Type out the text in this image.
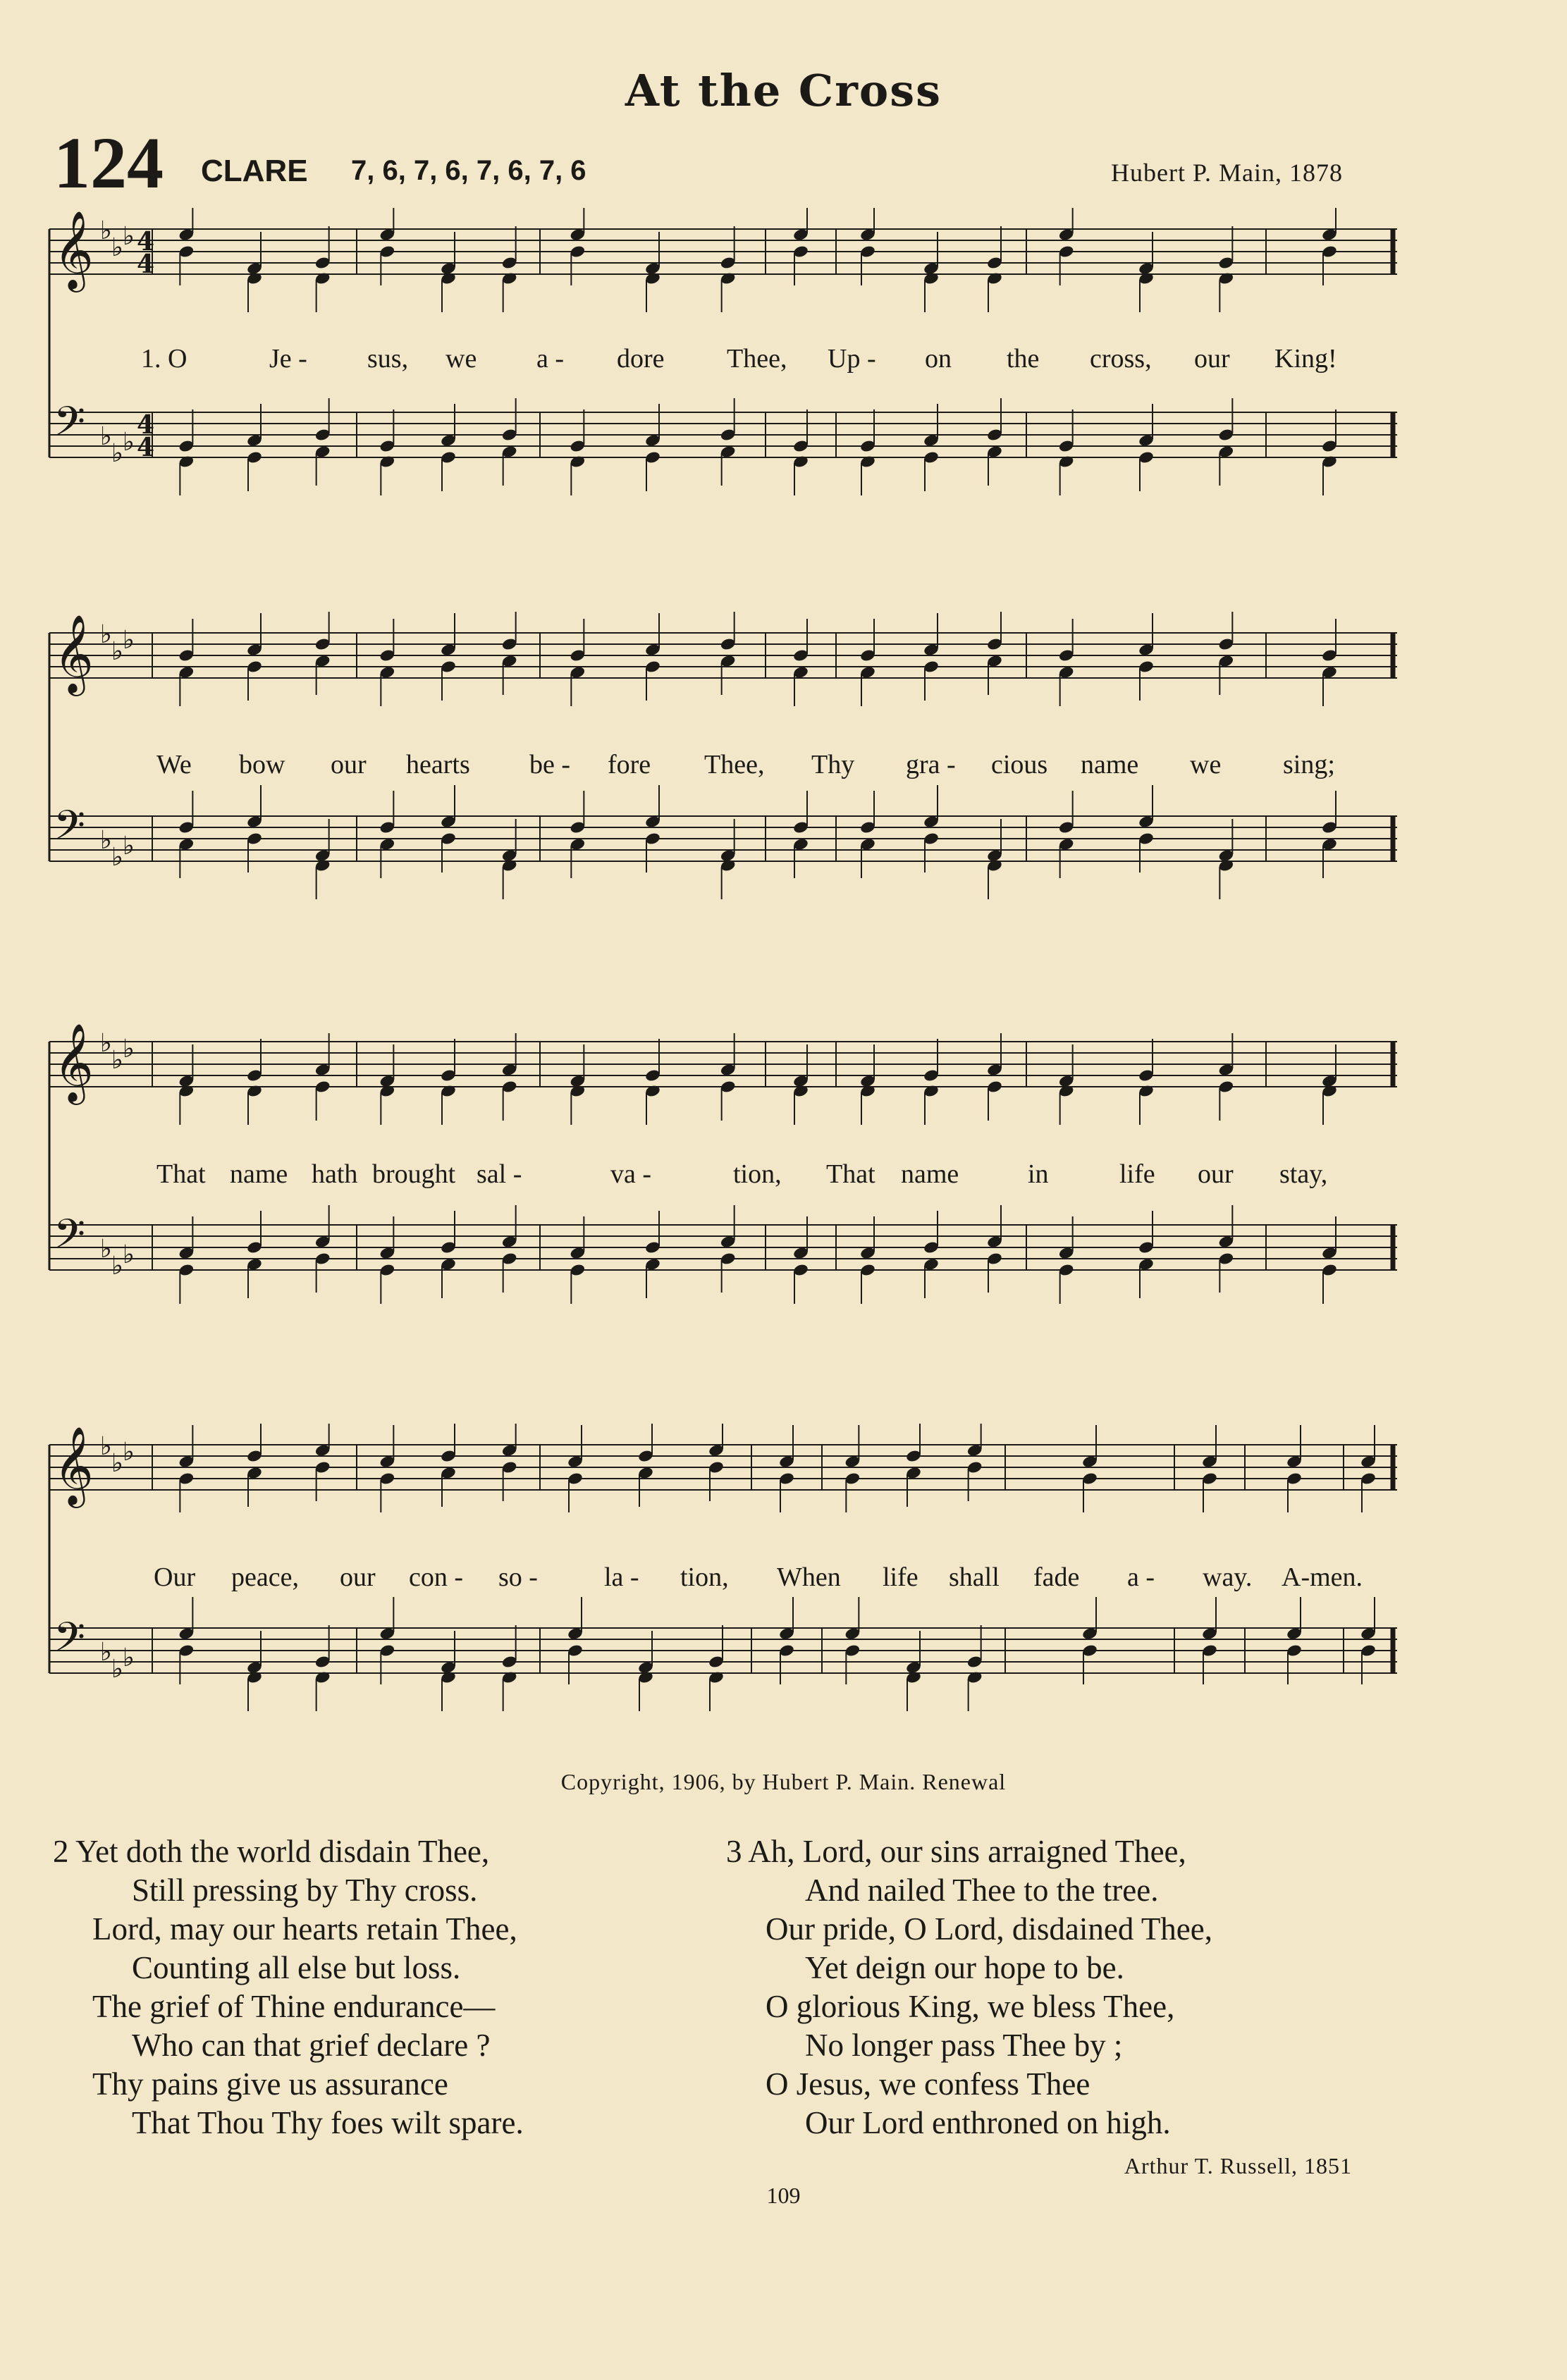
At the Cross
124 CLARE 7, 6, 7, 6, 7, 6, 7, 6	Hubert P. Main, 1878
𝄞 ♭
♭ ♭ 4
4
𝄢 ♭
♭ ♭
4
4
1. O	Je - sus, we a - dore Thee, Up - on the cross, our King!
𝄞 ♭
♭ ♭
𝄢 ♭
♭ ♭
We bow our hearts be - fore Thee, Thy gra - cious name we sing;
𝄞 ♭
♭ ♭
𝄢 ♭
♭ ♭
That name hath brought sal -	va -	tion, That name	in	life our stay,
𝄞 ♭
♭ ♭
𝄢 ♭
♭ ♭
Our peace, our con - so - la - tion, When life shall fade a - way. A-men.
Copyright, 1906, by Hubert P. Main. Renewal
2 Yet doth the world disdain Thee,
Still pressing by Thy cross.
Lord, may our hearts retain Thee,
Counting all else but loss.
The grief of Thine endurance—
Who can that grief declare ?
Thy pains give us assurance
That Thou Thy foes wilt spare.
3 Ah, Lord, our sins arraigned Thee,
And nailed Thee to the tree.
Our pride, O Lord, disdained Thee,
Yet deign our hope to be.
O glorious King, we bless Thee,
No longer pass Thee by ;
O Jesus, we confess Thee
Our Lord enthroned on high.
Arthur T. Russell, 1851
109
